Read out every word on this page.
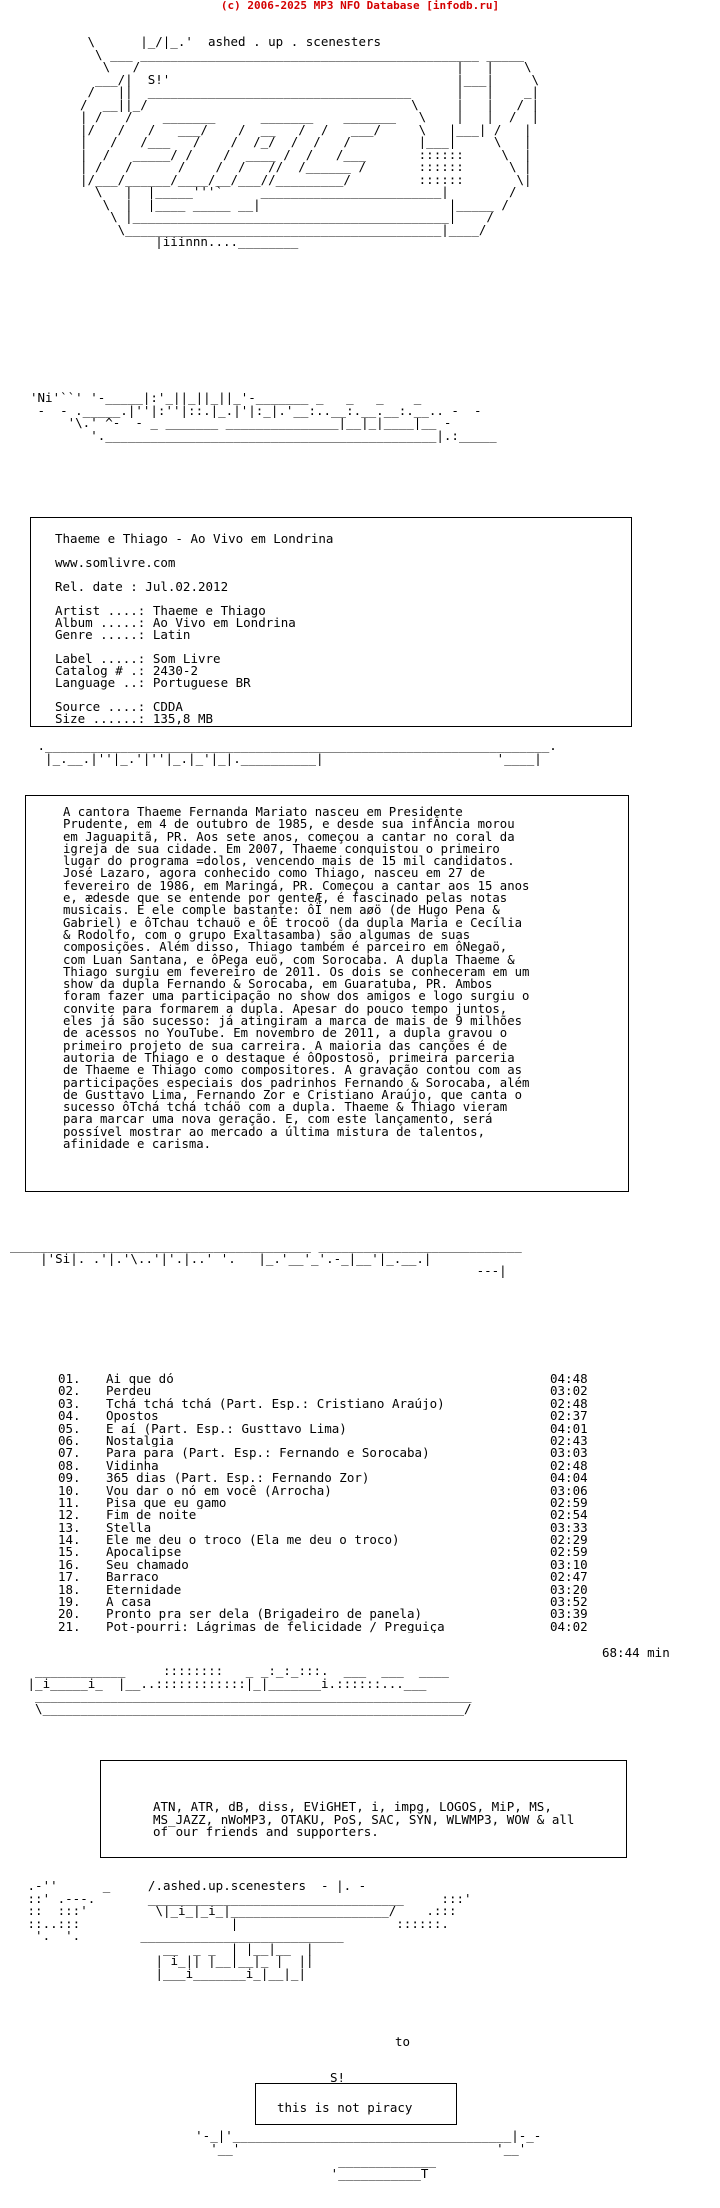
(c) 2006-2025 MP3 NFO Database [infodb.ru]
\      |_/|_.'  ashed . up . scenesters
\ ___ _____________________________________________ _____
\   /                                          |   |    \
___/|  S!'                                      |___|     \
/   ||  ___________________________________      |   |    _|
/  __||_/                                   \     |   |   / |
| /   /    _______      _______    _______   \    |   |  /  |
|/   /   /   ___/    /  __   /  /   ___/     \   |___| /   |
|   /   /___   /    /  /_/  /  /   /         |___|     \   |
|  /   _____/ /    /  ____ /  /   /___       ::::::     \  |
| /   /      /    /  /   //  /______ /       ::::::      \ |
|/___/______/____/__/___//_________/         ::::::       \|
\   |  |_____'''`     ________________________|        /
\  |  |____ _____ __|                         |_____ /
\ |__________________________________________|    /
\__________________________________________|____/
|iiinnn....________

'Ni'``' '-_____|:'_||_||_||_'-_______ _   _   _    _
-  - ._____.|''|:''|::.|_.|'|:_|.'__:..__:.__.__:.__.. -  -
'\.' ^-  - _ _______ _______________|__|_|____|__ -
'.____________________________________________|.:_____

Thaeme e Thiago - Ao Vivo em Londrina
www.somlivre.com
Rel. date : Jul.02.2012
Artist ....: Thaeme e Thiago
Album .....: Ao Vivo em Londrina
Genre .....: Latin
Label .....: Som Livre
Catalog # .: 2430-2
Language ..: Portuguese BR
Source ....: CDDA
Size ......: 135,8 MB
.___________________________________________________________________.
|_.__.|''|_.'|''|_.|_'|_|.__________|                       '____|

A cantora Thaeme Fernanda Mariato nasceu em Presidente
Prudente, em 4 de outubro de 1985, e desde sua infÂncia morou
em Jaguapitã, PR. Aos sete anos, começou a cantar no coral da
igreja de sua cidade. Em 2007, Thaeme conquistou o primeiro
lugar do programa =dolos, vencendo mais de 15 mil candidatos.
José Lazaro, agora conhecido como Thiago, nasceu em 27 de
fevereiro de 1986, em Maringá, PR. Começou a cantar aos 15 anos
e, ædesde que se entende por genteÆ, é fascinado pelas notas
musicais. E ele comple bastante: ôÏ nem aøö (de Hugo Pena &
Gabriel) e ôTchau tchauö e ôÉ trocoö (da dupla Maria e Cecília
& Rodolfo, com o grupo Exaltasamba) são algumas de suas
composições. Além disso, Thiago também é parceiro em ôNegaö,
com Luan Santana, e ôPega euö, com Sorocaba. A dupla Thaeme &
Thiago surgiu em fevereiro de 2011. Os dois se conheceram em um
show da dupla Fernando & Sorocaba, em Guaratuba, PR. Ambos
foram fazer uma participação no show dos amigos e logo surgiu o
convite para formarem a dupla. Apesar do pouco tempo juntos,
eles já são sucesso: já atingiram a marca de mais de 9 milhões
de acessos no YouTube. Em novembro de 2011, a dupla gravou o
primeiro projeto de sua carreira. A maioria das canções é de
autoria de Thiago e o destaque é ôOpostosö, primeira parceria
de Thaeme e Thiago como compositores. A gravação contou com as
participações especiais dos padrinhos Fernando & Sorocaba, além
de Gusttavo Lima, Fernando Zor e Cristiano Araújo, que canta o
sucesso ôTchá tchá tcháö com a dupla. Thaeme & Thiago vieram
para marcar uma nova geração. E, com este lançamento, será
possível mostrar ao mercado a última mistura de talentos,
afinidade e carisma.
________________________________________ ___________________________
|'Si|. .'|.'\..'|'.|..' '.   |_.'__'_'.-_|__'|_.__.|
---|

01.	Ai que dó	04:48
02.	Perdeu	03:02
03.	Tchá tchá tchá (Part. Esp.: Cristiano Araújo)	02:48
04.	Opostos	02:37
05.	E aí (Part. Esp.: Gusttavo Lima)	04:01
06.	Nostalgia	02:43
07.	Para para (Part. Esp.: Fernando e Sorocaba)	03:03
08.	Vidinha	02:48
09.	365 dias (Part. Esp.: Fernando Zor)	04:04
10.	Vou dar o nó em você (Arrocha)	03:06
11.	Pisa que eu gamo	02:59
12.	Fim de noite	02:54
13.	Stella	03:33
14.	Ele me deu o troco (Ela me deu o troco)	02:29
15.	Apocalipse	02:59
16.	Seu chamado	03:10
17.	Barraco	02:47
18.	Eternidade	03:20
19.	A casa	03:52
20.	Pronto pra ser dela (Brigadeiro de panela)	03:39
21.	Pot-pourri: Lágrimas de felicidade / Preguiça	04:02
68:44 min
____________     ::::::::   _ _:_:_:::.  ___  ___  ____
|_i_____i_  |__..::::::::::::|_|_______i.::::::...___
__________________________________________________________
\________________________________________________________/

ATN, ATR, dB, diss, EViGHET, i, impg, LOGOS, MiP, MS,
MS_JAZZ, nWoMP3, OTAKU, PoS, SAC, SYN, WLWMP3, WOW & all
of our friends and supporters.
.-''      _     /.ashed.up.scenesters  - |. -
::' .---.       __________________________________     :::'
::  :::'         \|_i_|_i_|_____________________/    .:::
::..:::                    |                     ::::::.
'.  '.        ___________________________
__  _ _  | |__|__  |
| i_|| |__|__|_ |  ||
|___i_______i_|__|_|

to
S!
this is not piracy
'-_|'_____________________________________|-_-
'__'                                  '__'
_____________
'___________T
